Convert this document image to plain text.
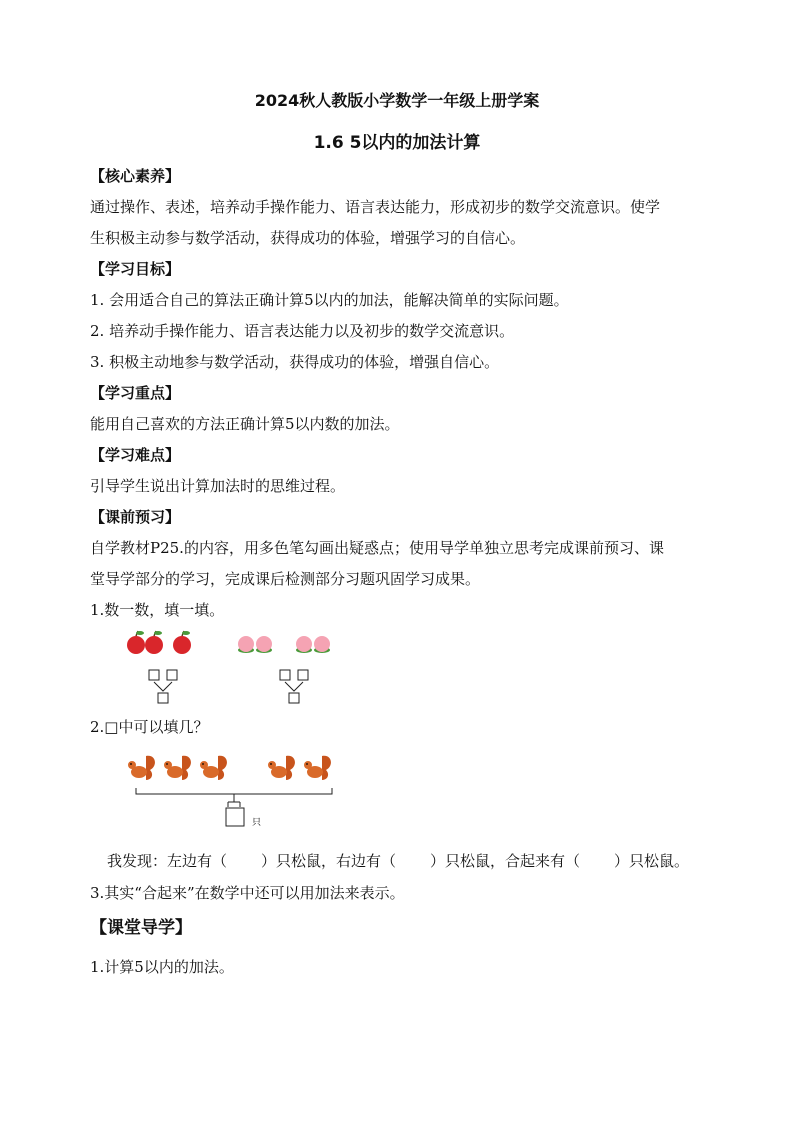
2024秋人教版小学数学一年级上册学案
1.6 5以内的加法计算
【核心素养】
通过操作、表述，培养动手操作能力、语言表达能力，形成初步的数学交流意识。使学
生积极主动参与数学活动，获得成功的体验，增强学习的自信心。
【学习目标】
1. 会用适合自己的算法正确计算5以内的加法，能解决简单的实际问题。
2. 培养动手操作能力、语言表达能力以及初步的数学交流意识。
3. 积极主动地参与数学活动，获得成功的体验，增强自信心。
【学习重点】
能用自己喜欢的方法正确计算5以内数的加法。
【学习难点】
引导学生说出计算加法时的思维过程。
【课前预习】
自学教材P25.的内容，用多色笔勾画出疑惑点；使用导学单独立思考完成课前预习、课
堂导学部分的学习，完成课后检测部分习题巩固学习成果。
1.数一数，填一填。
2.□中可以填几？
只
我发现：左边有（ ）只松鼠，右边有（ ）只松鼠，合起来有（ ）只松鼠。
3.其实“合起来”在数学中还可以用加法来表示。
【课堂导学】
1.计算5以内的加法。
